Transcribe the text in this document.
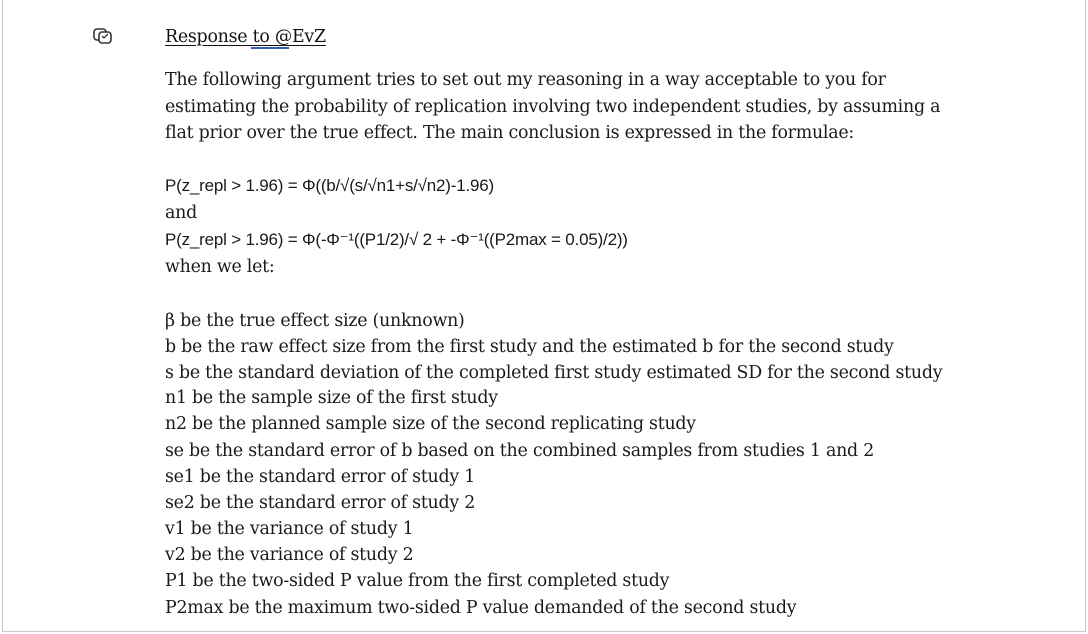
Response to @EvZ
The following argument tries to set out my reasoning in a way acceptable to you for
estimating the probability of replication involving two independent studies, by assuming a
flat prior over the true effect. The main conclusion is expressed in the formulae:
P(z_repl > 1.96) = Φ((b/√(s/√n1+s/√n2)-1.96)
and
P(z_repl > 1.96) = Φ(-Φ⁻¹((P1/2)/√ 2 + -Φ⁻¹((P2max = 0.05)/2))
when we let:
β be the true effect size (unknown)
b be the raw effect size from the first study and the estimated b for the second study
s be the standard deviation of the completed first study estimated SD for the second study
n1 be the sample size of the first study
n2 be the planned sample size of the second replicating study
se be the standard error of b based on the combined samples from studies 1 and 2
se1 be the standard error of study 1
se2 be the standard error of study 2
v1 be the variance of study 1
v2 be the variance of study 2
P1 be the two-sided P value from the first completed study
P2max be the maximum two-sided P value demanded of the second study
